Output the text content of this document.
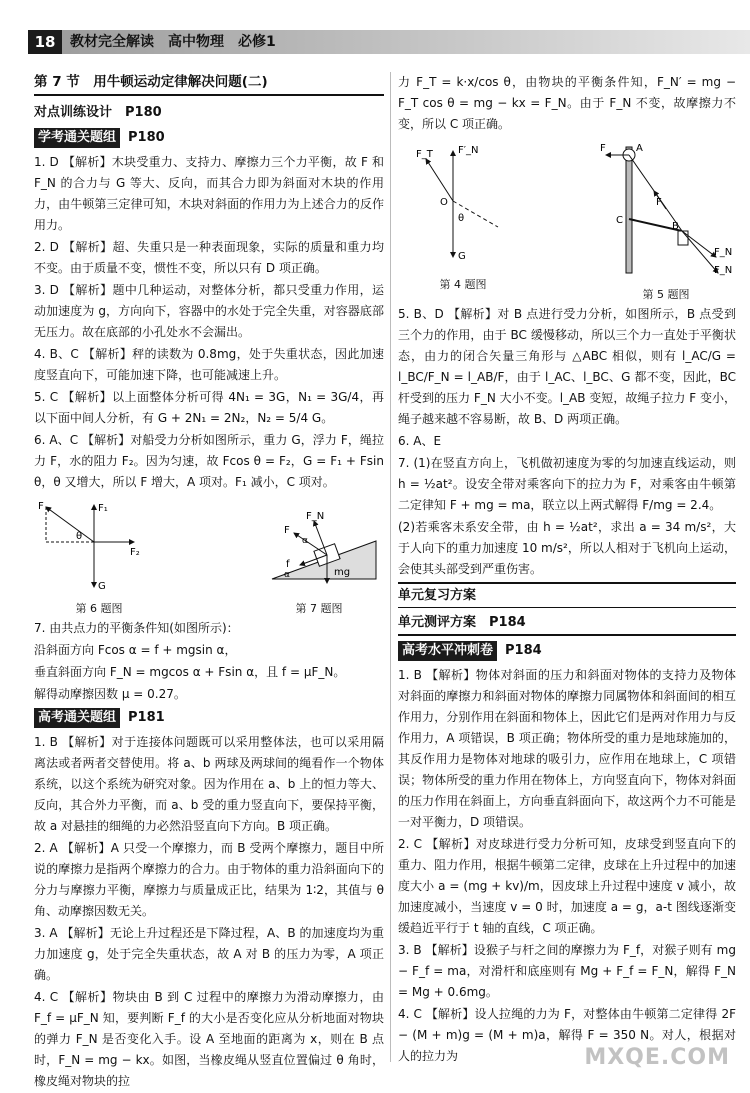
18	教材完全解读　高中物理　必修1
第 7 节　用牛顿运动定律解决问题(二)
对点训练设计　P180
学考通关题组 P180

1. D 【解析】木块受重力、支持力、摩擦力三个力平衡，故 F 和 F_N 的合力与 G 等大、反向，而其合力即为斜面对木块的作用力，由牛顿第三定律可知，木块对斜面的作用力为上述合力的反作用力。

2. D 【解析】超、失重只是一种表面现象，实际的质量和重力均不变。由于质量不变，惯性不变，所以只有 D 项正确。

3. D 【解析】题中几种运动，对整体分析，都只受重力作用，运动加速度为 g，方向向下，容器中的水处于完全失重，对容器底部无压力。故在底部的小孔处水不会漏出。

4. B、C 【解析】秤的读数为 0.8mg，处于失重状态，因此加速度竖直向下，可能加速下降，也可能减速上升。

5. C 【解析】以上面整体分析可得 4N₁ = 3G，N₁ = 3G/4，再以下面中间人分析，有 G + 2N₁ = 2N₂，N₂ = 5/4 G。

6. A、C 【解析】对船受力分析如图所示，重力 G，浮力 F，绳拉力 F，水的阻力 F₂。因为匀速，故 Fcos θ = F₂，G = F₁ + Fsin θ，θ 又增大，所以 F 增大，A 项对。F₁ 减小，C 项对。

F	F₁
F₂
θ
G
第 6 题图
F_N
f
F
mg
α
α
第 7 题图

7. 由共点力的平衡条件知(如图所示)：

沿斜面方向 Fcos α = f + mgsin α，

垂直斜面方向 F_N = mgcos α + Fsin α，且 f = μF_N。

解得动摩擦因数 μ = 0.27。

高考通关题组 P181

1. B 【解析】对于连接体问题既可以采用整体法，也可以采用隔离法或者两者交替使用。将 a、b 两球及两球间的绳看作一个物体系统，以这个系统为研究对象。因为作用在 a、b 上的恒力等大、反向，其合外力平衡，而 a、b 受的重力竖直向下，要保持平衡，故 a 对悬挂的细绳的力必然沿竖直向下方向。B 项正确。

2. A 【解析】A 只受一个摩擦力，而 B 受两个摩擦力，题目中所说的摩擦力是指两个摩擦力的合力。由于物体的重力沿斜面向下的分力与摩擦力平衡，摩擦力与质量成正比，结果为 1∶2，其值与 θ 角、动摩擦因数无关。

3. A 【解析】无论上升过程还是下降过程，A、B 的加速度均为重力加速度 g，处于完全失重状态，故 A 对 B 的压力为零，A 项正确。

4. C 【解析】物块由 B 到 C 过程中的摩擦力为滑动摩擦力，由 F_f = μF_N 知，要判断 F_f 的大小是否变化应从分析地面对物块的弹力 F_N 是否变化入手。设 A 至地面的距离为 x，则在 B 点时，F_N = mg − kx。如图，当橡皮绳从竖直位置偏过 θ 角时，橡皮绳对物块的拉

力 F_T = k·x/cos θ，由物块的平衡条件知，F_N′ = mg − F_T cos θ = mg − kx = F_N。由于 F_N 不变，故摩擦力不变，所以 C 项正确。

F_T	F′_N
O
θ
G
第 4 题图
F	A
C
F
B
F_N
F_N
第 5 题图

5. B、D 【解析】对 B 点进行受力分析，如图所示，B 点受到三个力的作用，由于 BC 缓慢移动，所以三个力一直处于平衡状态，由力的闭合矢量三角形与 △ABC 相似，则有 l_AC/G = l_BC/F_N = l_AB/F，由于 l_AC、l_BC、G 都不变，因此，BC 杆受到的压力 F_N 大小不变。l_AB 变短，故绳子拉力 F 变小，绳子越来越不容易断，故 B、D 两项正确。

6. A、E

7. (1)在竖直方向上，飞机做初速度为零的匀加速直线运动，则 h = ½at²。设安全带对乘客向下的拉力为 F，对乘客由牛顿第二定律知 F + mg = ma，联立以上两式解得 F/mg = 2.4。

(2)若乘客未系安全带，由 h = ½at²，求出 a = 34 m/s²，大于人向下的重力加速度 10 m/s²，所以人相对于飞机向上运动，会使其头部受到严重伤害。

单元复习方案
单元测评方案　P184
高考水平冲刺卷 P184

1. B 【解析】物体对斜面的压力和斜面对物体的支持力及物体对斜面的摩擦力和斜面对物体的摩擦力同属物体和斜面间的相互作用力，分别作用在斜面和物体上，因此它们是两对作用力与反作用力，A 项错误，B 项正确；物体所受的重力是地球施加的，其反作用力是物体对地球的吸引力，应作用在地球上，C 项错误；物体所受的重力作用在物体上，方向竖直向下，物体对斜面的压力作用在斜面上，方向垂直斜面向下，故这两个力不可能是一对平衡力，D 项错误。

2. C 【解析】对皮球进行受力分析可知，皮球受到竖直向下的重力、阻力作用，根据牛顿第二定律，皮球在上升过程中的加速度大小 a = (mg + kv)/m，因皮球上升过程中速度 v 减小，故加速度减小，当速度 v = 0 时，加速度 a = g，a-t 图线逐渐变缓趋近平行于 t 轴的直线，C 项正确。

3. B 【解析】设猴子与杆之间的摩擦力为 F_f，对猴子则有 mg − F_f = ma，对滑杆和底座则有 Mg + F_f = F_N，解得 F_N = Mg + 0.6mg。

4. C 【解析】设人拉绳的力为 F，对整体由牛顿第二定律得 2F − (M + m)g = (M + m)a，解得 F = 350 N。对人，根据对人的拉力为	MXQE.COM
